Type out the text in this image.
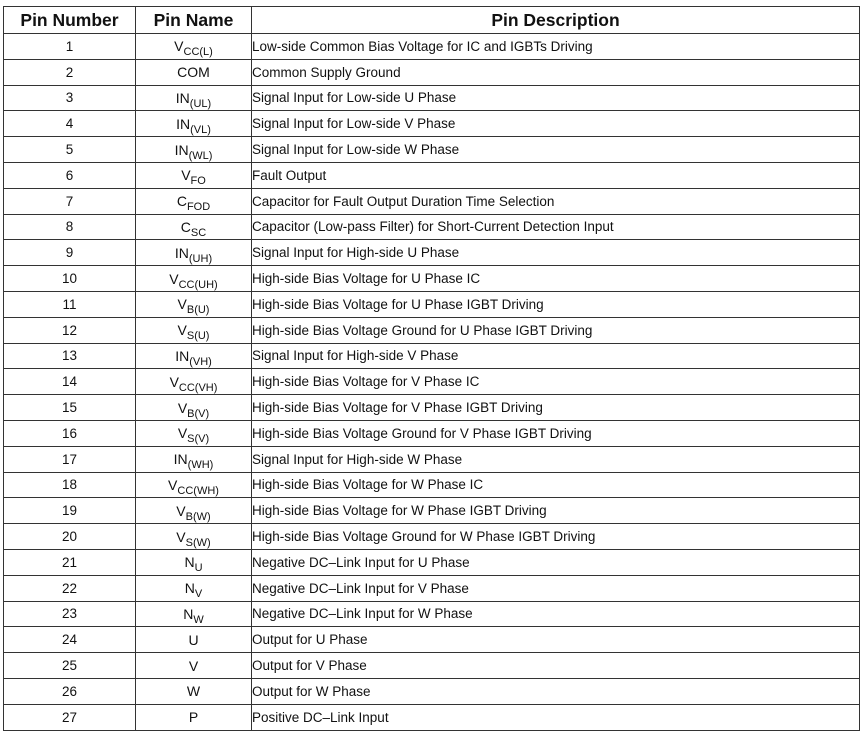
Pin Number	Pin Name	Pin Description
1	$V_{CC(L)}$	Low-side Common Bias Voltage for IC and IGBTs Driving
2	COM	Common Supply Ground
3	$IN_{(UL)}$	Signal Input for Low-side U Phase
4	$IN_{(VL)}$	Signal Input for Low-side V Phase
5	$IN_{(WL)}$	Signal Input for Low-side W Phase
6	$V_{FO}$	Fault Output
7	$C_{FOD}$	Capacitor for Fault Output Duration Time Selection
8	$C_{SC}$	Capacitor (Low-pass Filter) for Short-Current Detection Input
9	$IN_{(UH)}$	Signal Input for High-side U Phase
10	$V_{CC(UH)}$	High-side Bias Voltage for U Phase IC
11	$V_{B(U)}$	High-side Bias Voltage for U Phase IGBT Driving
12	$V_{S(U)}$	High-side Bias Voltage Ground for U Phase IGBT Driving
13	$IN_{(VH)}$	Signal Input for High-side V Phase
14	$V_{CC(VH)}$	High-side Bias Voltage for V Phase IC
15	$V_{B(V)}$	High-side Bias Voltage for V Phase IGBT Driving
16	$V_{S(V)}$	High-side Bias Voltage Ground for V Phase IGBT Driving
17	$IN_{(WH)}$	Signal Input for High-side W Phase
18	$V_{CC(WH)}$	High-side Bias Voltage for W Phase IC
19	$V_{B(W)}$	High-side Bias Voltage for W Phase IGBT Driving
20	$V_{S(W)}$	High-side Bias Voltage Ground for W Phase IGBT Driving
21	$N_U$	Negative DC–Link Input for U Phase
22	$N_V$	Negative DC–Link Input for V Phase
23	$N_W$	Negative DC–Link Input for W Phase
24	U	Output for U Phase
25	V	Output for V Phase
26	W	Output for W Phase
27	P	Positive DC–Link Input
